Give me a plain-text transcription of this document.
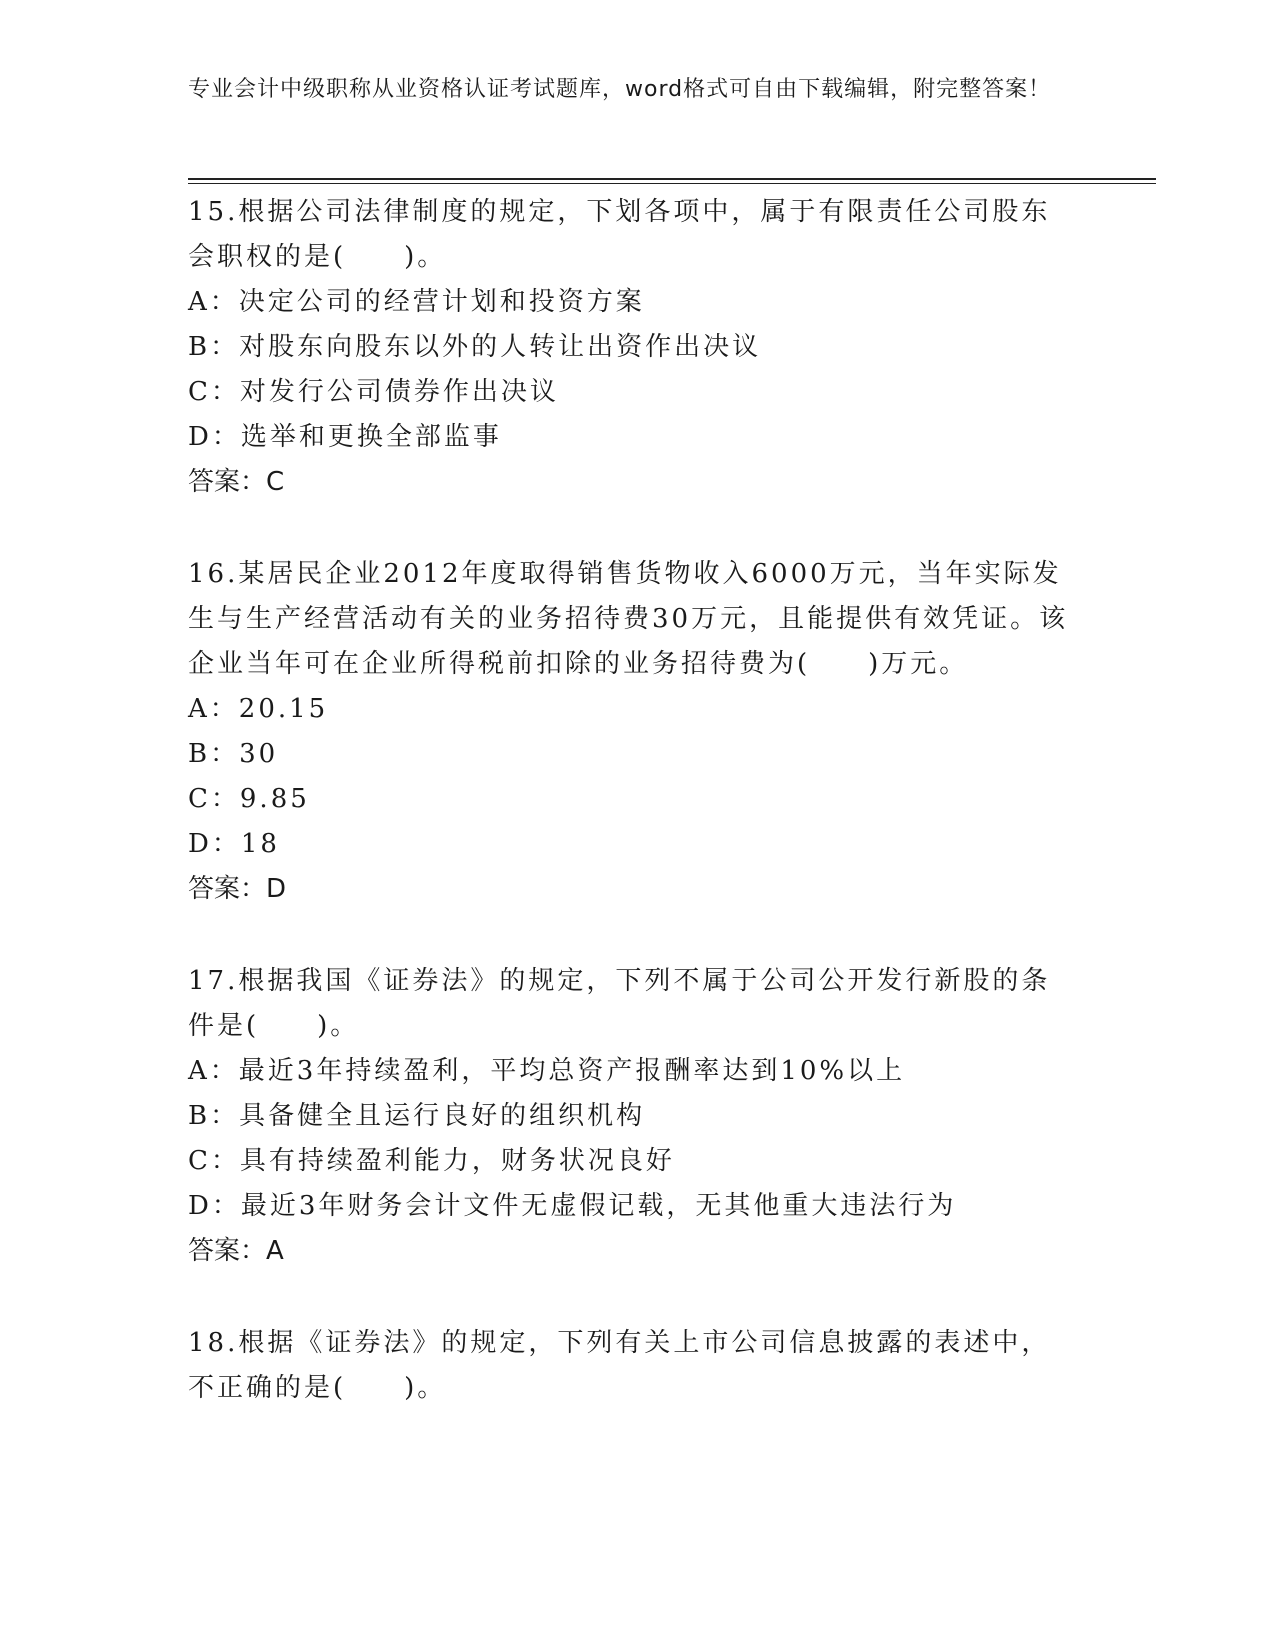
专业会计中级职称从业资格认证考试题库，word格式可自由下载编辑，附完整答案！

15.根据公司法律制度的规定，下划各项中，属于有限责任公司股东会职权的是(　　)。

A：决定公司的经营计划和投资方案

B：对股东向股东以外的人转让出资作出决议

C：对发行公司债券作出决议

D：选举和更换全部监事

答案：C

16.某居民企业2012年度取得销售货物收入6000万元，当年实际发生与生产经营活动有关的业务招待费30万元，且能提供有效凭证。该企业当年可在企业所得税前扣除的业务招待费为(　　)万元。

A：20.15

B：30

C：9.85

D：18

答案：D

17.根据我国《证券法》的规定，下列不属于公司公开发行新股的条件是(　　)。

A：最近3年持续盈利，平均总资产报酬率达到10%以上

B：具备健全且运行良好的组织机构

C：具有持续盈利能力，财务状况良好

D：最近3年财务会计文件无虚假记载，无其他重大违法行为

答案：A

18.根据《证券法》的规定，下列有关上市公司信息披露的表述中，不正确的是(　　)。
